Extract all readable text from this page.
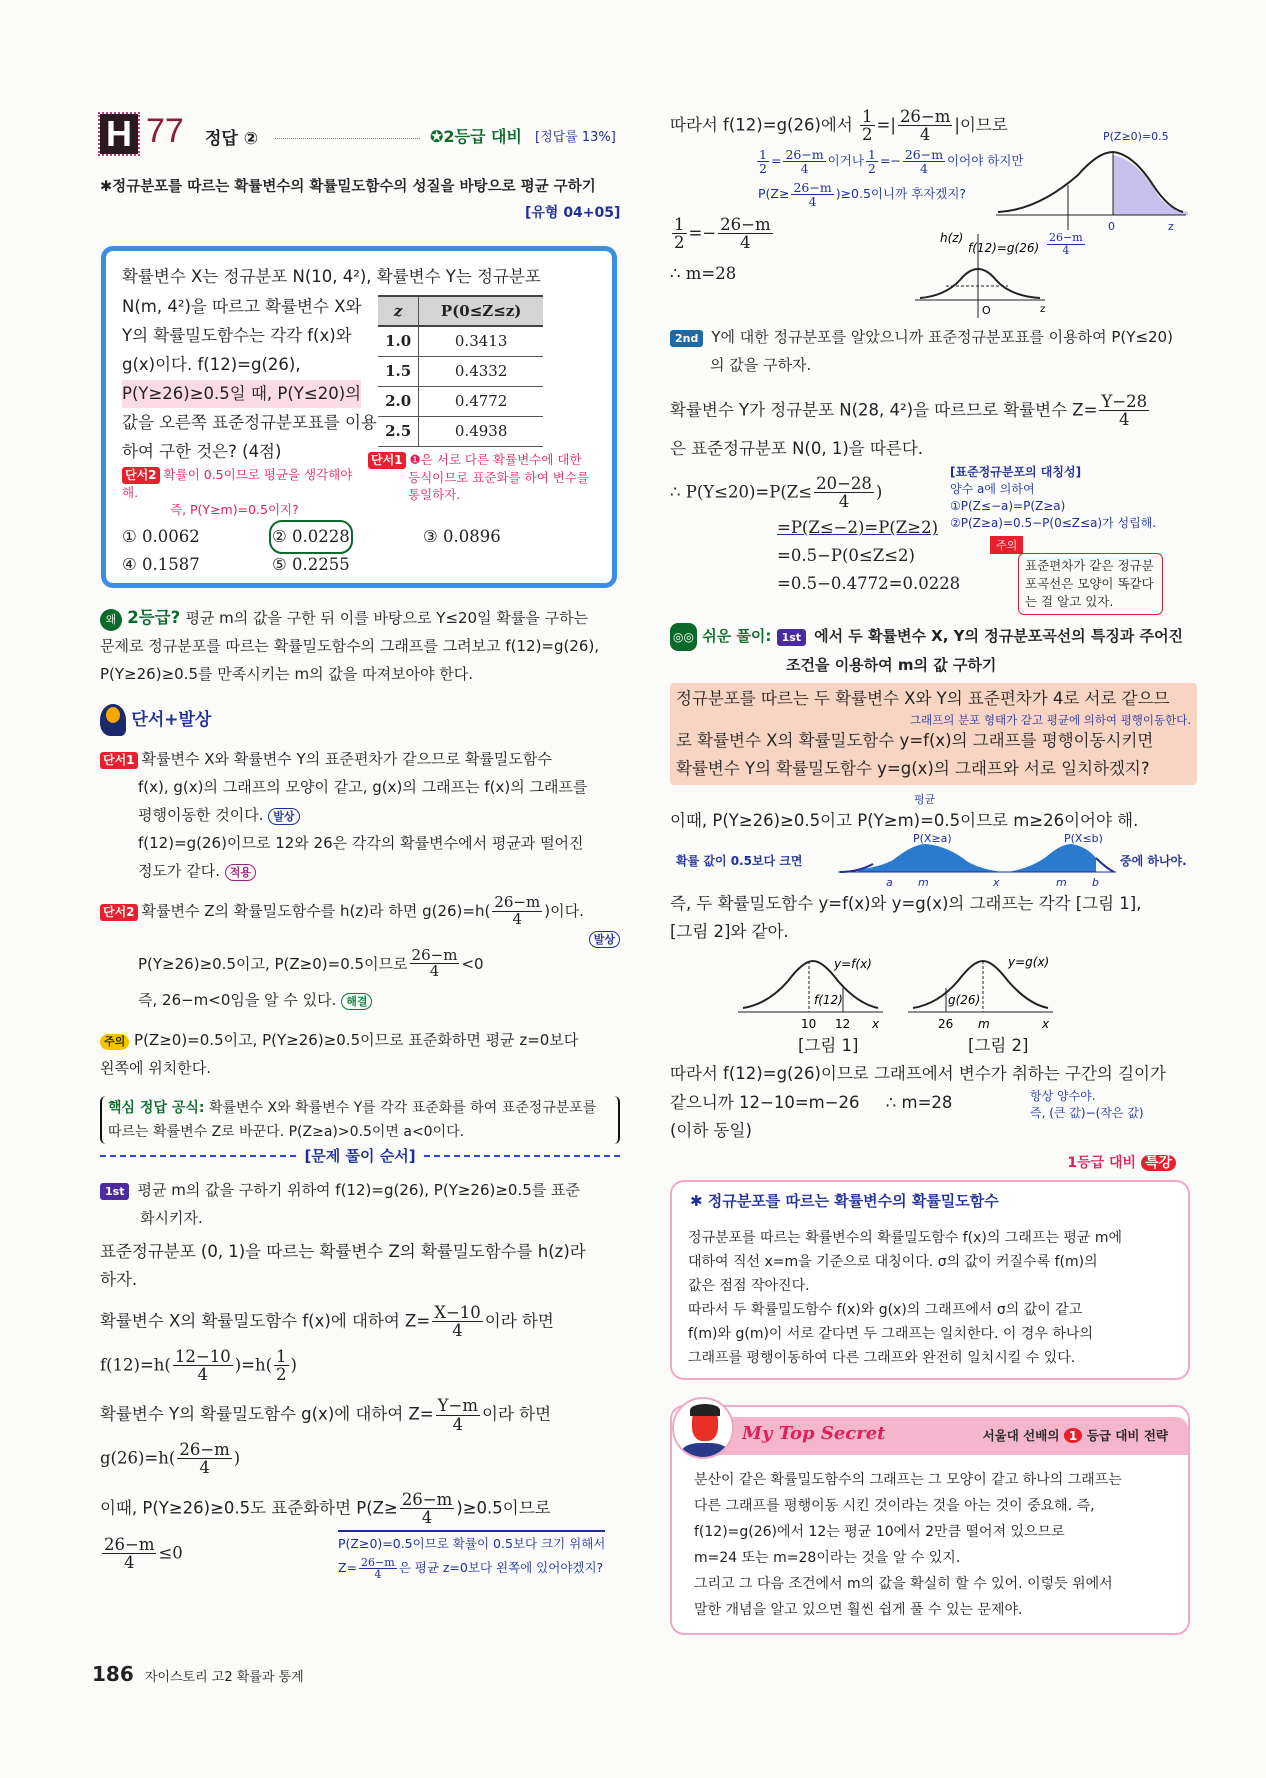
H 77 정답 ②	✪2등급 대비 [정답률 13%]
✱정규분포를 따르는 확률변수의 확률밀도함수의 성질을 바탕으로 평균 구하기
[유형 04+05]
확률변수 X는 정규분포 N(10, 4²), 확률변수 Y는 정규분포
N(m, 4²)을 따르고 확률변수 X와
Y의 확률밀도함수는 각각 f(x)와
g(x)이다. f(12)=g(26),
P(Y≥26)≥0.5일 때, P(Y≤20)의
값을 오른쪽 표준정규분포표를 이용
하여 구한 것은? (4점)
단서2 확률이 0.5이므로 평균을 생각해야 해.
즉, P(Y≥m)=0.5이지?
z	P(0≤Z≤z)
1.0	0.3413
1.5	0.4332
2.0	0.4772
2.5	0.4938
단서1 ❶은 서로 다른 확률변수에 대한
등식이므로 표준화를 하여 변수를
통일하자.
① 0.0062	② 0.0228	③ 0.0896
④ 0.1587	⑤ 0.2255
왜 2등급? 평균 m의 값을 구한 뒤 이를 바탕으로 Y≤20일 확률을 구하는
문제로 정규분포를 따르는 확률밀도함수의 그래프를 그려보고 f(12)=g(26),
P(Y≥26)≥0.5를 만족시키는 m의 값을 따져보아야 한다.
단서+발상
단서1 확률변수 X와 확률변수 Y의 표준편차가 같으므로 확률밀도함수
f(x), g(x)의 그래프의 모양이 같고, g(x)의 그래프는 f(x)의 그래프를
평행이동한 것이다. 발상
f(12)=g(26)이므로 12와 26은 각각의 확률변수에서 평균과 떨어진
정도가 같다. 적용
단서2 확률변수 Z의 확률밀도함수를 h(z)라 하면 $g(26)=h( \frac{26-m}{4}$ )이다.
발상
P(Y≥26)≥0.5이고, P(Z≥0)=0.5이므로 $\frac{26-m}{4} <0$
즉, 26−m<0임을 알 수 있다. 해결
주의 P(Z≥0)=0.5이고, P(Y≥26)≥0.5이므로 표준화하면 평균 z=0보다
왼쪽에 위치한다.
핵심 정답 공식: 확률변수 X와 확률변수 Y를 각각 표준화를 하여 표준정규분포를
따르는 확률변수 Z로 바꾼다. P(Z≥a)>0.5이면 a<0이다.
[문제 풀이 순서]
1st 평균 m의 값을 구하기 위하여 f(12)=g(26), P(Y≥26)≥0.5를 표준
화시키자.
표준정규분포 (0, 1)을 따르는 확률변수 Z의 확률밀도함수를 h(z)라
하자.
확률변수 X의 확률밀도함수 f(x)에 대하여 $Z= \frac{X-10}{4}$ 이라 하면
$f(12)=h( \frac{12-10}{4} )=h( \frac{1}{2}$ )
확률변수 Y의 확률밀도함수 g(x)에 대하여 $Z= \frac{Y-m}{4}$ 이라 하면
$g(26)=h( \frac{26-m}{4}$ )
이때, P(Y≥26)≥0.5도 표준화하면 $P(Z\ge \frac{26-m}{4} )\ge 0.5$이므로
$\frac{26-m}{4} \le 0$	P(Z≥0)=0.5이므로 확률이 0.5보다 크기 위해서
$Z= \frac{26-m}{4}$ 은 평균 z=0보다 왼쪽에 있어야겠지?
186 자이스토리 고2 확률과 통계
따라서 f(12)=g(26)에서 $\frac{1}{2}$ =| $\frac{26-m}{4}$ |이므로
$\frac{1}{2} = \frac{26-m}{4}$ 이거나 $\frac{1}{2} =- \frac{26-m}{4}$ 이어야 하지만
$P(Z\ge \frac{26-m}{4} )\ge 0.5$이니까 후자겠지?
$\frac{1}{2} =- \frac{26-m}{4}$
∴ m=28
0	z
P(Z≥0)=0.5
$\frac{26-m}{4}$
h(z)
f(12)=g(26)
z
O
2nd Y에 대한 정규분포를 알았으니까 표준정규분포표를 이용하여 P(Y≤20)
의 값을 구하자.
확률변수 Y가 정규분포 N(28, 4²)을 따르므로 확률변수 $Z= \frac{Y-28}{4}$
은 표준정규분포 N(0, 1)을 따른다.
∴ $P(Y\le 20)=P(Z\le \frac{20-28}{4}$ )
=P(Z≤−2)=P(Z≥2)
=0.5−P(0≤Z≤2)
=0.5−0.4772=0.0228
[표준정규분포의 대칭성]
양수 a에 의하여
①P(Z≤−a)=P(Z≥a)
②P(Z≥a)=0.5−P(0≤Z≤a)가 성립해.
주의
표준편차가 같은 정규분
포곡선은 모양이 똑같다
는 걸 알고 있자.
◎◎ 쉬운 풀이: 1st 에서 두 확률변수 X, Y의 정규분포곡선의 특징과 주어진
조건을 이용하여 m의 값 구하기
정규분포를 따르는 두 확률변수 X와 Y의 표준편차가 4로 서로 같으므
그래프의 분포 형태가 같고 평균에 의하여 평행이동한다.
로 확률변수 X의 확률밀도함수 y=f(x)의 그래프를 평행이동시키면
확률변수 Y의 확률밀도함수 y=g(x)의 그래프와 서로 일치하겠지?
평균
이때, P(Y≥26)≥0.5이고 P(Y≥m)=0.5이므로 m≥26이어야 해.
확률 값이 0.5보다 크면	중에 하나야.
a m	x
P(X≥a)
m b
P(X≤b)
즉, 두 확률밀도함수 y=f(x)와 y=g(x)의 그래프는 각각 [그림 1],
[그림 2]와 같아.
y=f(x)
f(12)
10 12 x
y=g(x)
g(26)
26 m	x
[그림 1]	[그림 2]
따라서 f(12)=g(26)이므로 그래프에서 변수가 취하는 구간의 길이가
같으니까 12−10=m−26     ∴ m=28
(이하 동일)
항상 양수야.
즉, (큰 값)−(작은 값)
1등급 대비 특강
✱ 정규분포를 따르는 확률변수의 확률밀도함수
정규분포를 따르는 확률변수의 확률밀도함수 f(x)의 그래프는 평균 m에
대하여 직선 x=m을 기준으로 대칭이다. σ의 값이 커질수록 f(m)의
값은 점점 작아진다.
따라서 두 확률밀도함수 f(x)와 g(x)의 그래프에서 σ의 값이 같고
f(m)와 g(m)이 서로 같다면 두 그래프는 일치한다. 이 경우 하나의
그래프를 평행이동하여 다른 그래프와 완전히 일치시킬 수 있다.
My Top Secret	서울대 선배의 1 등급 대비 전략
분산이 같은 확률밀도함수의 그래프는 그 모양이 같고 하나의 그래프는
다른 그래프를 평행이동 시킨 것이라는 것을 아는 것이 중요해. 즉,
f(12)=g(26)에서 12는 평균 10에서 2만큼 떨어져 있으므로
m=24 또는 m=28이라는 것을 알 수 있지.
그리고 그 다음 조건에서 m의 값을 확실히 할 수 있어. 이렇듯 위에서
말한 개념을 알고 있으면 훨씬 쉽게 풀 수 있는 문제야.
